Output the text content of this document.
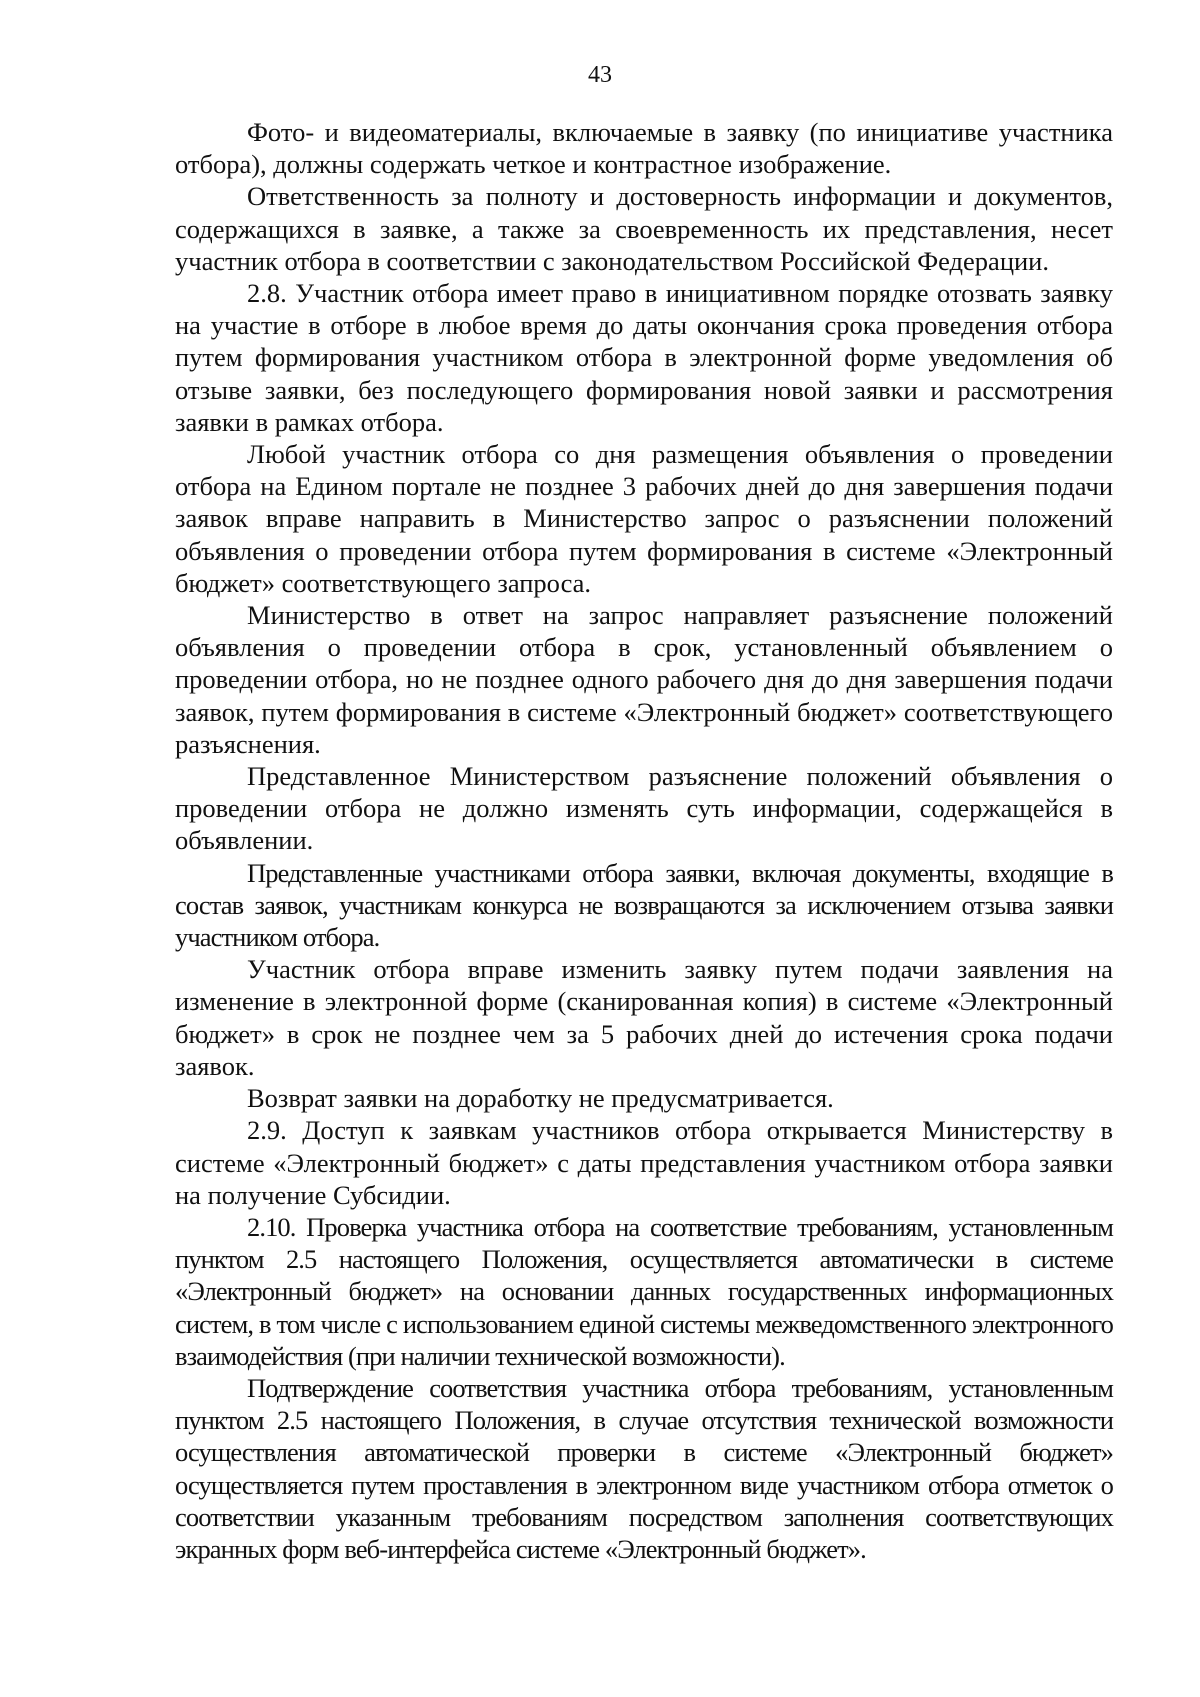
43

Фото- и видеоматериалы, включаемые в заявку (по инициативе участника отбора), должны содержать четкое и контрастное изображение.

Ответственность за полноту и достоверность информации и документов, содержащихся в заявке, а также за своевременность их представления, несет участник отбора в соответствии с законодательством Российской Федерации.

2.8. Участник отбора имеет право в инициативном порядке отозвать заявку на участие в отборе в любое время до даты окончания срока проведения отбора путем формирования участником отбора в электронной форме уведомления об отзыве заявки, без последующего формирования новой заявки и рассмотрения заявки в рамках отбора.

Любой участник отбора со дня размещения объявления о проведении отбора на Едином портале не позднее 3 рабочих дней до дня завершения подачи заявок вправе направить в Министерство запрос о разъяснении положений объявления о проведении отбора путем формирования в системе «Электронный бюджет» соответствующего запроса.

Министерство в ответ на запрос направляет разъяснение положений объявления о проведении отбора в срок, установленный объявлением о проведении отбора, но не позднее одного рабочего дня до дня завершения подачи заявок, путем формирования в системе «Электронный бюджет» соответствующего разъяснения.

Представленное Министерством разъяснение положений объявления о проведении отбора не должно изменять суть информации, содержащейся в объявлении.

Представленные участниками отбора заявки, включая документы, входящие в состав заявок, участникам конкурса не возвращаются за исключением отзыва заявки участником отбора.

Участник отбора вправе изменить заявку путем подачи заявления на изменение в электронной форме (сканированная копия) в системе «Электронный бюджет» в срок не позднее чем за 5 рабочих дней до истечения срока подачи заявок.

Возврат заявки на доработку не предусматривается.

2.9. Доступ к заявкам участников отбора открывается Министерству в системе «Электронный бюджет» с даты представления участником отбора заявки на получение Субсидии.

2.10. Проверка участника отбора на соответствие требованиям, установленным пунктом 2.5 настоящего Положения, осуществляется автоматически в системе «Электронный бюджет» на основании данных государственных информационных систем, в том числе с использованием единой системы межведомственного электронного взаимодействия (при наличии технической возможности).

Подтверждение соответствия участника отбора требованиям, установленным пунктом 2.5 настоящего Положения, в случае отсутствия технической возможности осуществления автоматической проверки в системе «Электронный бюджет» осуществляется путем проставления в электронном виде участником отбора отметок о соответствии указанным требованиям посредством заполнения соответствующих экранных форм веб-интерфейса системе «Электронный бюджет».
